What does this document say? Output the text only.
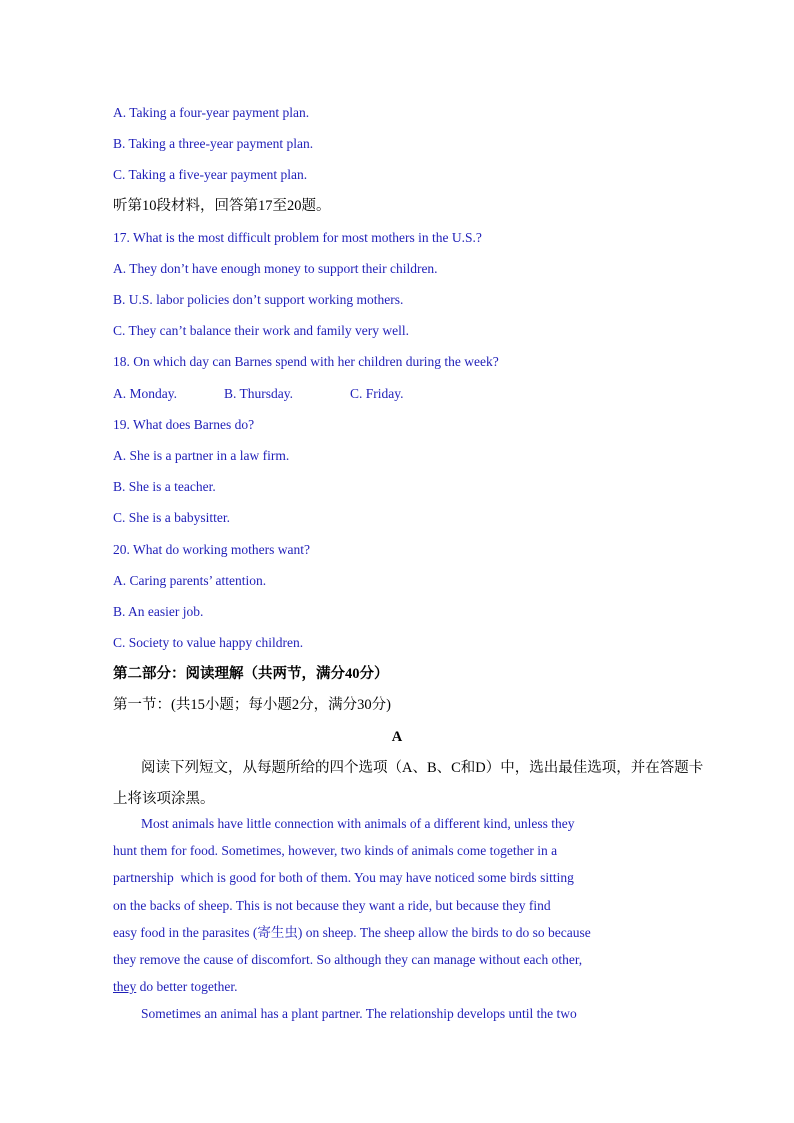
A. Taking a four-year payment plan.

B. Taking a three-year payment plan.

C. Taking a five-year payment plan.

听第10段材料，回答第17至20题。

17. What is the most difficult problem for most mothers in the U.S.?

A. They don’t have enough money to support their children.

B. U.S. labor policies don’t support working mothers.

C. They can’t balance their work and family very well.

18. On which day can Barnes spend with her children during the week?

A. Monday.	B. Thursday.	C. Friday.

19. What does Barnes do?

A. She is a partner in a law firm.

B. She is a teacher.

C. She is a babysitter.

20. What do working mothers want?

A. Caring parents’ attention.

B. An easier job.

C. Society to value happy children.

第二部分：阅读理解（共两节，满分40分）

第一节：(共15小题；每小题2分，满分30分)

A

阅读下列短文，从每题所给的四个选项（A、B、C和D）中，选出最佳选项，并在答题卡

上将该项涂黑。

Most animals have little connection with animals of a different kind, unless they

hunt them for food. Sometimes, however, two kinds of animals come together in a

partnership  which is good for both of them. You may have noticed some birds sitting

on the backs of sheep. This is not because they want a ride, but because they find

easy food in the parasites (寄生虫) on sheep. The sheep allow the birds to do so because

they remove the cause of discomfort. So although they can manage without each other,

they do better together.

Sometimes an animal has a plant partner. The relationship develops until the two
